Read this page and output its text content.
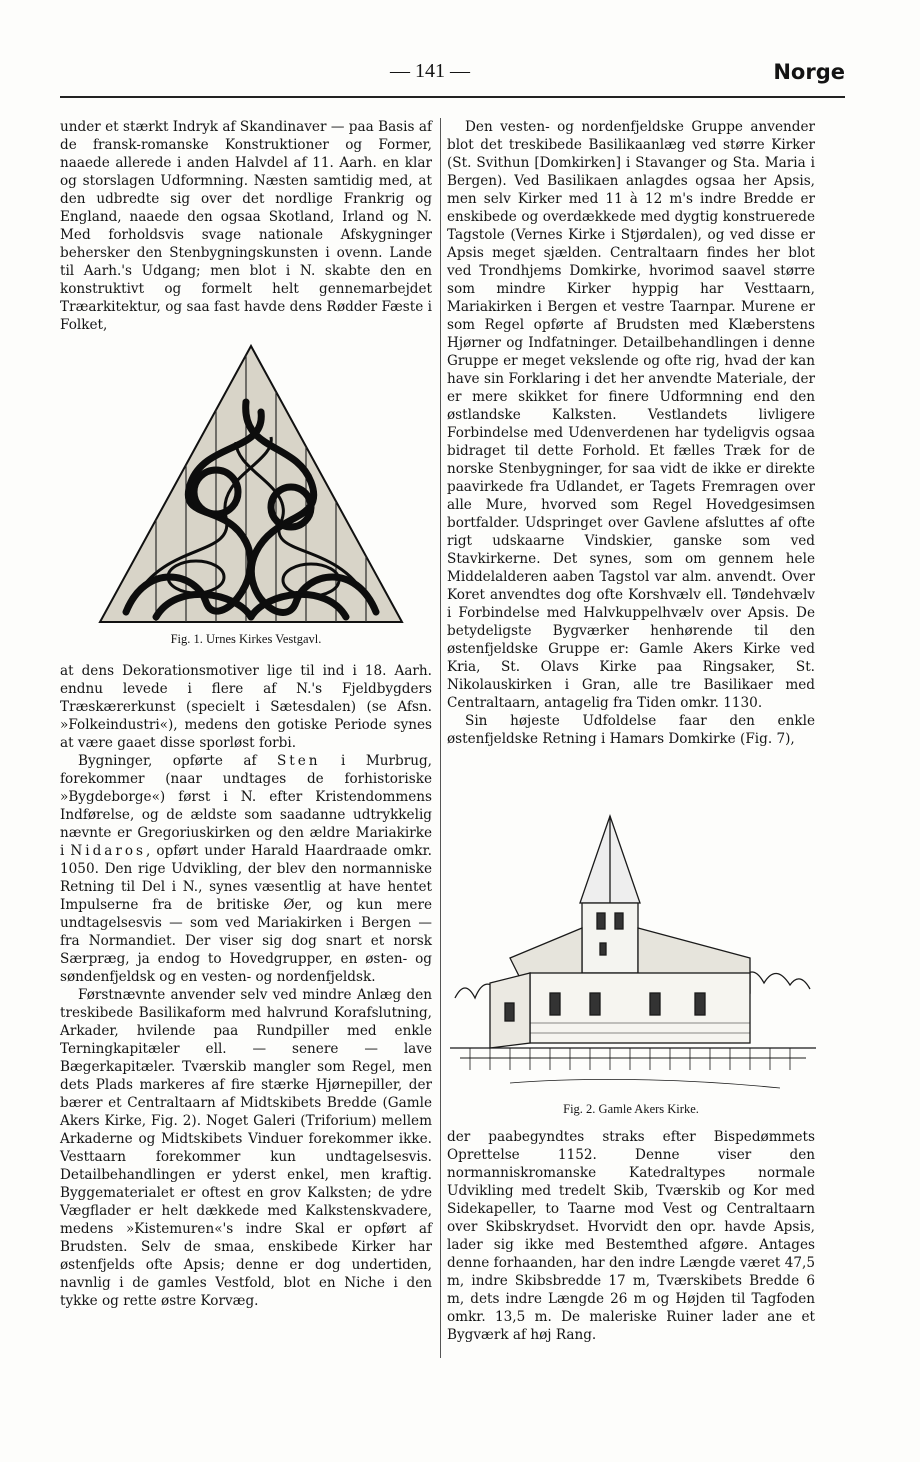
— 141 —	Norge

under et stærkt Indryk af Skandinaver — paa Basis af de fransk-romanske Konstruktioner og Former, naaede allerede i anden Halvdel af 11. Aarh. en klar og storslagen Udformning. Næsten samtidig med, at den udbredte sig over det nordlige Frankrig og England, naaede den ogsaa Skotland, Irland og N. Med forholdsvis svage nationale Afskygninger behersker den Stenbygningskunsten i ovenn. Lande til Aarh.'s Udgang; men blot i N. skabte den en konstruktivt og formelt helt gennemarbejdet Træarkitektur, og saa fast havde dens Rødder Fæste i Folket,

Fig. 1. Urnes Kirkes Vestgavl.

at dens Dekorationsmotiver lige til ind i 18. Aarh. endnu levede i flere af N.'s Fjeldbygders Træskærerkunst (specielt i Sætesdalen) (se Afsn. »Folkeindustri«), medens den gotiske Periode synes at være gaaet disse sporløst forbi.

Bygninger, opførte af Sten i Murbrug, forekommer (naar undtages de forhistoriske »Bygdeborge«) først i N. efter Kristendommens Indførelse, og de ældste som saadanne udtrykkelig nævnte er Gregoriuskirken og den ældre Mariakirke i Nidaros, opført under Harald Haardraade omkr. 1050. Den rige Udvikling, der blev den normanniske Retning til Del i N., synes væsentlig at have hentet Impulserne fra de britiske Øer, og kun mere undtagelsesvis — som ved Mariakirken i Bergen — fra Normandiet. Der viser sig dog snart et norsk Særpræg, ja endog to Hovedgrupper, en østen- og søndenfjeldsk og en vesten- og nordenfjeldsk.

Førstnævnte anvender selv ved mindre Anlæg den treskibede Basilikaform med halvrund Korafslutning, Arkader, hvilende paa Rundpiller med enkle Terningkapitæler ell. — senere — lave Bægerkapitæler. Tværskib mangler som Regel, men dets Plads markeres af fire stærke Hjørnepiller, der bærer et Centraltaarn af Midtskibets Bredde (Gamle Akers Kirke, Fig. 2). Noget Galeri (Triforium) mellem Arkaderne og Midtskibets Vinduer forekommer ikke. Vesttaarn forekommer kun undtagelsesvis. Detailbehandlingen er yderst enkel, men kraftig. Byggematerialet er oftest en grov Kalksten; de ydre Vægflader er helt dækkede med Kalkstenskvadere, medens »Kistemuren«'s indre Skal er opført af Brudsten. Selv de smaa, enskibede Kirker har østenfjelds ofte Apsis; denne er dog undertiden, navnlig i de gamles Vestfold, blot en Niche i den tykke og rette østre Korvæg.

Den vesten- og nordenfjeldske Gruppe anvender blot det treskibede Basilikaanlæg ved større Kirker (St. Svithun [Domkirken] i Stavanger og Sta. Maria i Bergen). Ved Basilikaen anlagdes ogsaa her Apsis, men selv Kirker med 11 à 12 m's indre Bredde er enskibede og overdækkede med dygtig konstruerede Tagstole (Vernes Kirke i Stjørdalen), og ved disse er Apsis meget sjælden. Centraltaarn findes her blot ved Trondhjems Domkirke, hvorimod saavel større som mindre Kirker hyppig har Vesttaarn, Mariakirken i Bergen et vestre Taarnpar. Murene er som Regel opførte af Brudsten med Klæberstens Hjørner og Indfatninger. Detailbehandlingen i denne Gruppe er meget vekslende og ofte rig, hvad der kan have sin Forklaring i det her anvendte Materiale, der er mere skikket for finere Udformning end den østlandske Kalksten. Vestlandets livligere Forbindelse med Udenverdenen har tydeligvis ogsaa bidraget til dette Forhold. Et fælles Træk for de norske Stenbygninger, for saa vidt de ikke er direkte paavirkede fra Udlandet, er Tagets Fremragen over alle Mure, hvorved som Regel Hovedgesimsen bortfalder. Udspringet over Gavlene afsluttes af ofte rigt udskaarne Vindskier, ganske som ved Stavkirkerne. Det synes, som om gennem hele Middelalderen aaben Tagstol var alm. anvendt. Over Koret anvendtes dog ofte Korshvælv ell. Tøndehvælv i Forbindelse med Halvkuppelhvælv over Apsis. De betydeligste Bygværker henhørende til den østenfjeldske Gruppe er: Gamle Akers Kirke ved Kria, St. Olavs Kirke paa Ringsaker, St. Nikolauskirken i Gran, alle tre Basilikaer med Centraltaarn, antagelig fra Tiden omkr. 1130.

Sin højeste Udfoldelse faar den enkle østenfjeldske Retning i Hamars Domkirke (Fig. 7),

Fig. 2. Gamle Akers Kirke.

der paabegyndtes straks efter Bispedømmets Oprettelse 1152. Denne viser den normanniskromanske Katedraltypes normale Udvikling med tredelt Skib, Tværskib og Kor med Sidekapeller, to Taarne mod Vest og Centraltaarn over Skibskrydset. Hvorvidt den opr. havde Apsis, lader sig ikke med Bestemthed afgøre. Antages denne forhaanden, har den indre Længde været 47,5 m, indre Skibsbredde 17 m, Tværskibets Bredde 6 m, dets indre Længde 26 m og Højden til Tagfoden omkr. 13,5 m. De maleriske Ruiner lader ane et Bygværk af høj Rang.
